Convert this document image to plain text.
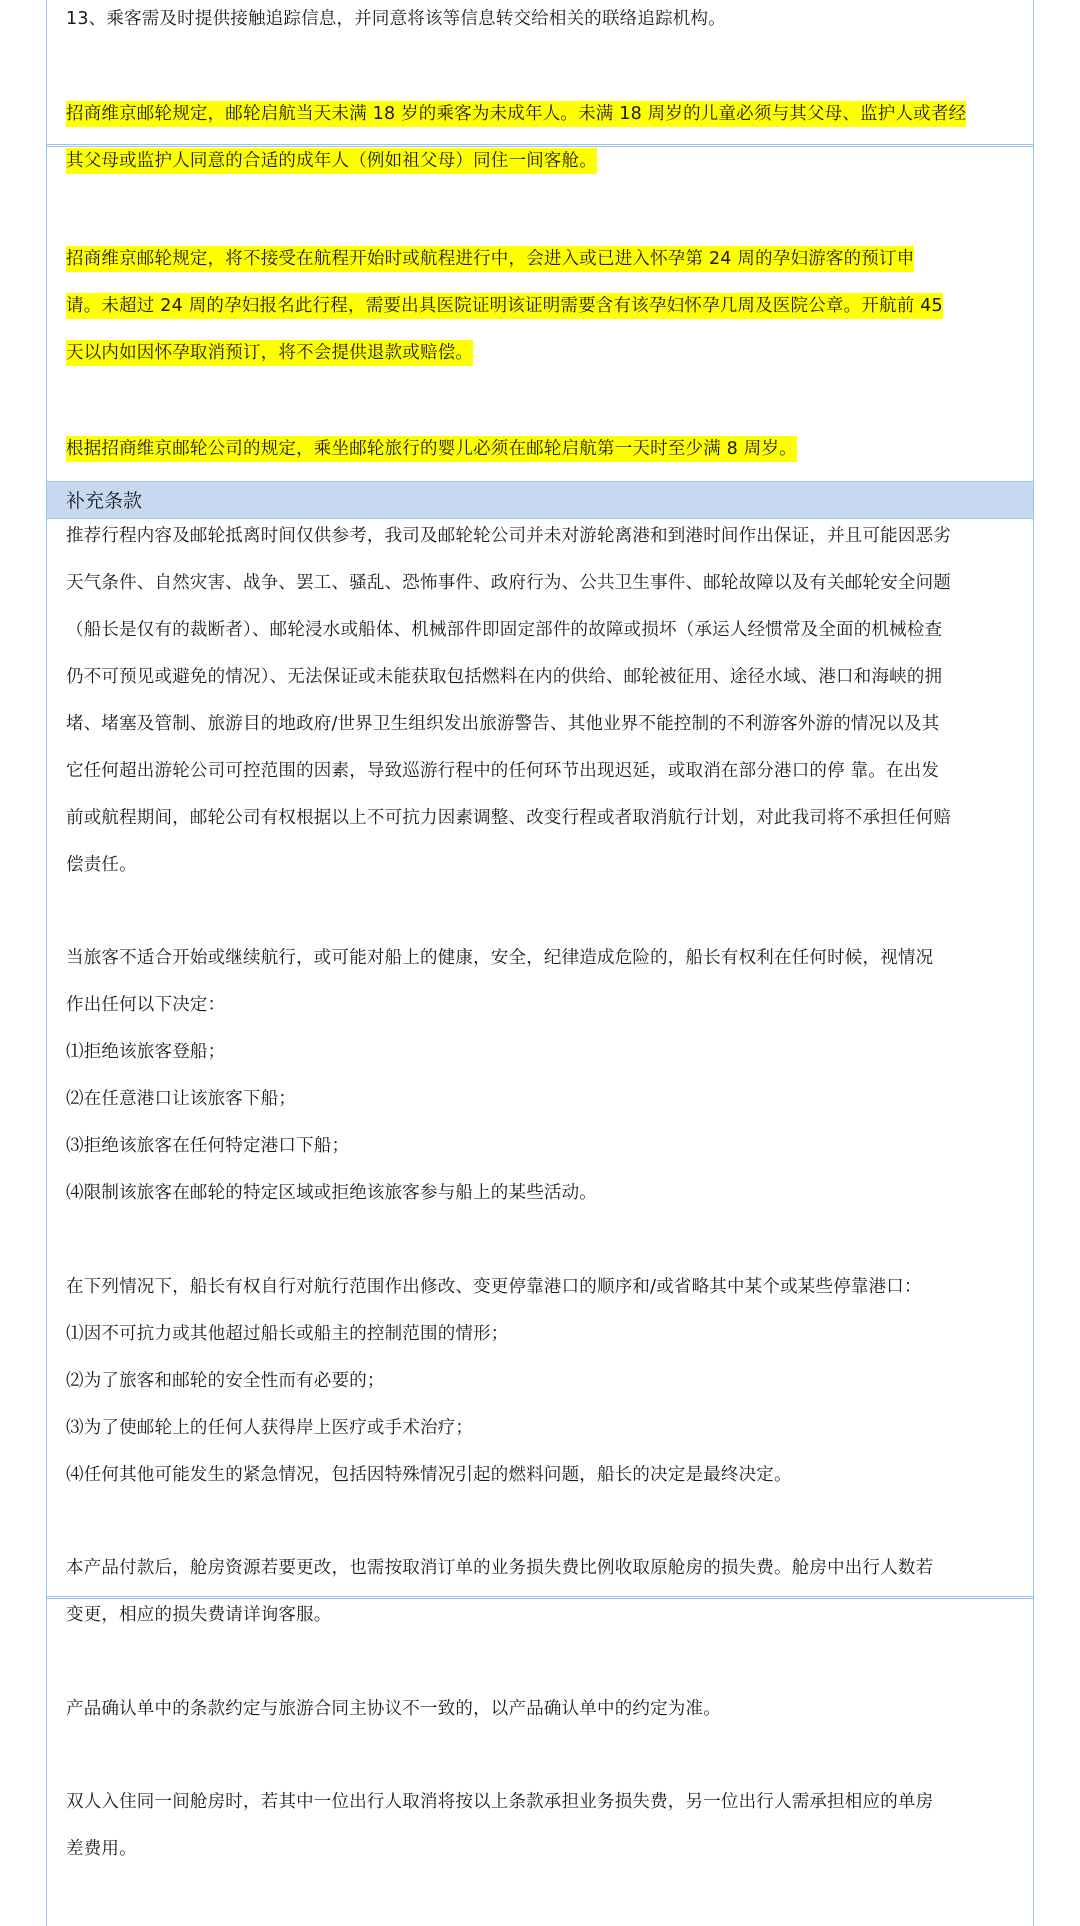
13、乘客需及时提供接触追踪信息，并同意将该等信息转交给相关的联络追踪机构。

招商维京邮轮规定，邮轮启航当天未满 18 岁的乘客为未成年人。未满 18 周岁的儿童必须与其父母、监护人或者经
其父母或监护人同意的合适的成年人（例如祖父母）同住一间客舱。

招商维京邮轮规定，将不接受在航程开始时或航程进行中，会进入或已进入怀孕第 24 周的孕妇游客的预订申
请。未超过 24 周的孕妇报名此行程，需要出具医院证明该证明需要含有该孕妇怀孕几周及医院公章。开航前 45
天以内如因怀孕取消预订，将不会提供退款或赔偿。

根据招商维京邮轮公司的规定，乘坐邮轮旅行的婴儿必须在邮轮启航第一天时至少满 8 周岁。

补充条款

推荐行程内容及邮轮抵离时间仅供参考，我司及邮轮轮公司并未对游轮离港和到港时间作出保证，并且可能因恶劣
天气条件、自然灾害、战争、罢工、骚乱、恐怖事件、政府行为、公共卫生事件、邮轮故障以及有关邮轮安全问题
（船长是仅有的裁断者）、邮轮浸水或船体、机械部件即固定部件的故障或损坏（承运人经惯常及全面的机械检查
仍不可预见或避免的情况）、无法保证或未能获取包括燃料在内的供给、邮轮被征用、途径水域、港口和海峡的拥
堵、堵塞及管制、旅游目的地政府/世界卫生组织发出旅游警告、其他业界不能控制的不利游客外游的情况以及其
它任何超出游轮公司可控范围的因素，导致巡游行程中的任何环节出现迟延，或取消在部分港口的停 靠。在出发
前或航程期间，邮轮公司有权根据以上不可抗力因素调整、改变行程或者取消航行计划，对此我司将不承担任何赔
偿责任。

当旅客不适合开始或继续航行，或可能对船上的健康，安全，纪律造成危险的，船长有权利在任何时候，视情况
作出任何以下决定：
⑴拒绝该旅客登船；
⑵在任意港口让该旅客下船；
⑶拒绝该旅客在任何特定港口下船；
⑷限制该旅客在邮轮的特定区域或拒绝该旅客参与船上的某些活动。

在下列情况下，船长有权自行对航行范围作出修改、变更停靠港口的顺序和/或省略其中某个或某些停靠港口：
⑴因不可抗力或其他超过船长或船主的控制范围的情形；
⑵为了旅客和邮轮的安全性而有必要的；
⑶为了使邮轮上的任何人获得岸上医疗或手术治疗；
⑷任何其他可能发生的紧急情况，包括因特殊情况引起的燃料问题，船长的决定是最终决定。

本产品付款后，舱房资源若要更改，也需按取消订单的业务损失费比例收取原舱房的损失费。舱房中出行人数若
变更，相应的损失费请详询客服。

产品确认单中的条款约定与旅游合同主协议不一致的，以产品确认单中的约定为准。

双人入住同一间舱房时，若其中一位出行人取消将按以上条款承担业务损失费，另一位出行人需承担相应的单房
差费用。
